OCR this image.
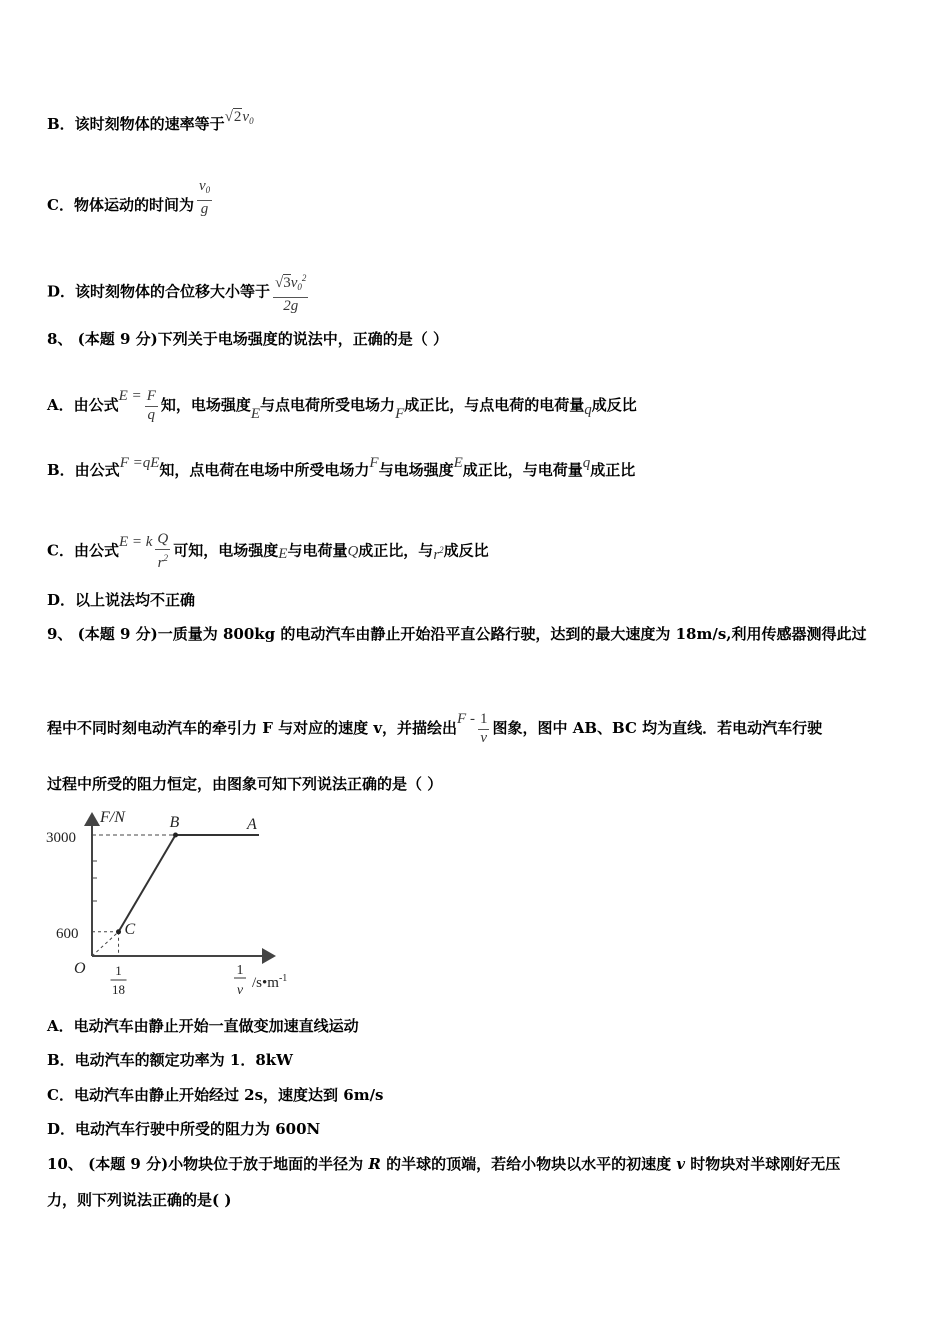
B．该时刻物体的速率等于$√2v_0$
C．物体运动的时间为 $\frac{v_0}{g}$
D．该时刻物体的合位移大小等于 $\frac{√3v_0^2}{2g}$
8、 (本题 9 分)下列关于电场强度的说法中，正确的是（ ）
A．由公式$E = \frac{F}{q}$ 知，电场强度E与点电荷所受电场力F成正比，与点电荷的电荷量q成反比
B．由公式F =qE知，点电荷在电场中所受电场力F与电场强度E成正比，与电荷量q成正比
C．由公式E = k $\frac{Q}{r^2}$ 可知，电场强度E与电荷量Q成正比，与$r^2$成反比
D．以上说法均不正确
9、 (本题 9 分)一质量为 800kg 的电动汽车由静止开始沿平直公路行驶，达到的最大速度为 18m/s,利用传感器测得此过
程中不同时刻电动汽车的牵引力 F 与对应的速度 v，并描绘出F - $\frac{1}{v}$ 图象，图中 AB、BC 均为直线．若电动汽车行驶
过程中所受的阻力恒定，由图象可知下列说法正确的是（ ）
F/N
3000
600
O
B	A
C
1
18
1
v $/s•m^{-1}$
A．电动汽车由静止开始一直做变加速直线运动
B．电动汽车的额定功率为 1．8kW
C．电动汽车由静止开始经过 2s，速度达到 6m/s
D．电动汽车行驶中所受的阻力为 600N
10、 (本题 9 分)小物块位于放于地面的半径为 R 的半球的顶端，若给小物块以水平的初速度 v 时物块对半球刚好无压
力，则下列说法正确的是( )
